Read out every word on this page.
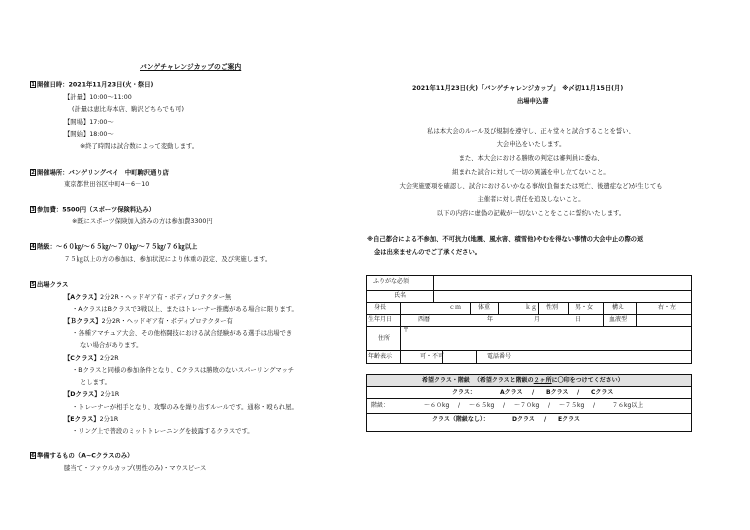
バンゲチャレンジカップのご案内
1 開催日時：2021年11月23日(火・祭日)
【計量】10:00～11:00
(計量は恵比寿本店、駒沢どちらでも可)
【開場】17:00～
【開始】18:00～
※終了時間は試合数によって変動します。
2 開催場所：バンゲリングベイ　中町駒沢通り店
東京都世田谷区中町4－6－10
3 参加費：5500円（スポーツ保険料込み）
※既にスポーツ保険加入済みの方は参加費3300円
4 階級：～６０㎏/～６５㎏/～７０㎏/～７５㎏/７６㎏以上
７５㎏以上の方の参加は、参加状況により体重の設定、及び実施します。
5 出場クラス
【Aクラス】2分2R・ヘッドギア有・ボディプロテクター無
・AクラスはBクラスで3戦以上、またはトレーナー推薦がある場合に限ります。
【Ｂクラス】2分2R・ヘッドギア有・ボディプロテクター有
・各種アマチュア大会、その他格闘技における試合経験がある選手は出場でき
ない場合があります。
【Cクラス】2分2R
・Bクラスと同様の参加条件となり、Cクラスは勝敗のないスパーリングマッチ
とします。
【Dクラス】2分1R
・トレーナーが相手となり、攻撃のみを繰り出すルールです。通称・殴られ屋。
【Eクラス】2分1R
・リング上で普段のミットトレーニングを披露するクラスです。
6 準備するもの（A~Cクラスのみ）
膝当て・ファウルカップ(男性のみ)・マウスピース
2021年11月23日(火)「バンゲチャレンジカップ」　※〆切11月15日(月)
出場申込書
私は本大会のルール及び規制を遵守し、正々堂々と試合することを誓い、
大会申込をいたします。
また、本大会における勝敗の判定は審判員に委ね、
組まれた試合に対して一切の異議を申し立てないこと。
大会実施要項を確認し、試合におけるいかなる事故(負傷または死亡、後遺症など)が生じても
主催者に対し責任を追及しないこと。
以下の内容に虚偽の記載が一切ないことをここに誓約いたします。
※自己都合による不参加、不可抗力(地震、風水害、積雪他)やむを得ない事情の大会中止の際の返
金は出来ませんのでご了承ください。
ふりがな必須
氏名
身長	ｃｍ	体重	ｋｇ 性別	男・女	構え	右・左
生年月日	西暦	年	月	日	血液型
住所
〒
年齢表示	可・不可	電話番号
希望クラス・階級 （希望クラスと階級の２ヶ所に〇印をつけてください）
クラス：	Aクラス / Bクラス / Cクラス
階級：	～６０kg / ～６５kg / ～７０kg / ～７５kg /	７６kg以上
クラス（階級なし）：	Dクラス / Eクラス
